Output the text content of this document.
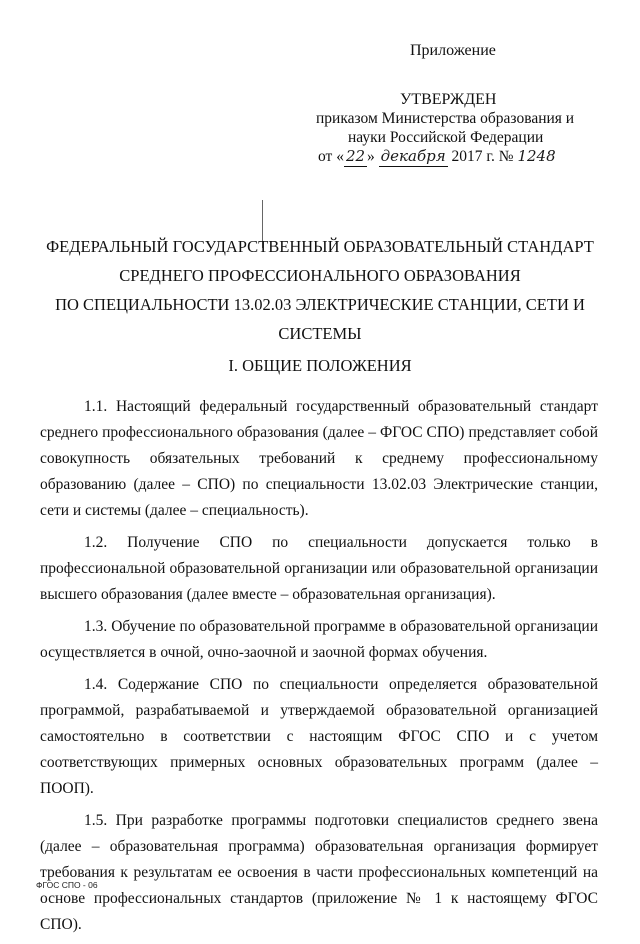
Приложение
УТВЕРЖДЕН
приказом Министерства образования и
науки Российской Федерации
от « 22 » декабря 2017 г. № 1248
ФЕДЕРАЛЬНЫЙ ГОСУДАРСТВЕННЫЙ ОБРАЗОВАТЕЛЬНЫЙ СТАНДАРТ
СРЕДНЕГО ПРОФЕССИОНАЛЬНОГО ОБРАЗОВАНИЯ
ПО СПЕЦИАЛЬНОСТИ 13.02.03 ЭЛЕКТРИЧЕСКИЕ СТАНЦИИ, СЕТИ И
СИСТЕМЫ
I. ОБЩИЕ ПОЛОЖЕНИЯ

1.1. Настоящий федеральный государственный образовательный стандарт среднего профессионального образования (далее – ФГОС СПО) представляет собой совокупность обязательных требований к среднему профессиональному образованию (далее – СПО) по специальности 13.02.03 Электрические станции, сети и системы (далее – специальность).

1.2. Получение СПО по специальности допускается только в профессиональной образовательной организации или образовательной организации высшего образования (далее вместе – образовательная организация).

1.3. Обучение по образовательной программе в образовательной организации осуществляется в очной, очно-заочной и заочной формах обучения.

1.4. Содержание СПО по специальности определяется образовательной программой, разрабатываемой и утверждаемой образовательной организацией самостоятельно в соответствии с настоящим ФГОС СПО и с учетом соответствующих примерных основных образовательных программ (далее – ПООП).

1.5. При разработке программы подготовки специалистов среднего звена (далее – образовательная программа) образовательная организация формирует требования к результатам ее освоения в части профессиональных компетенций на основе профессиональных стандартов (приложение № 1 к настоящему ФГОС СПО).

ФГОС СПО - 06
